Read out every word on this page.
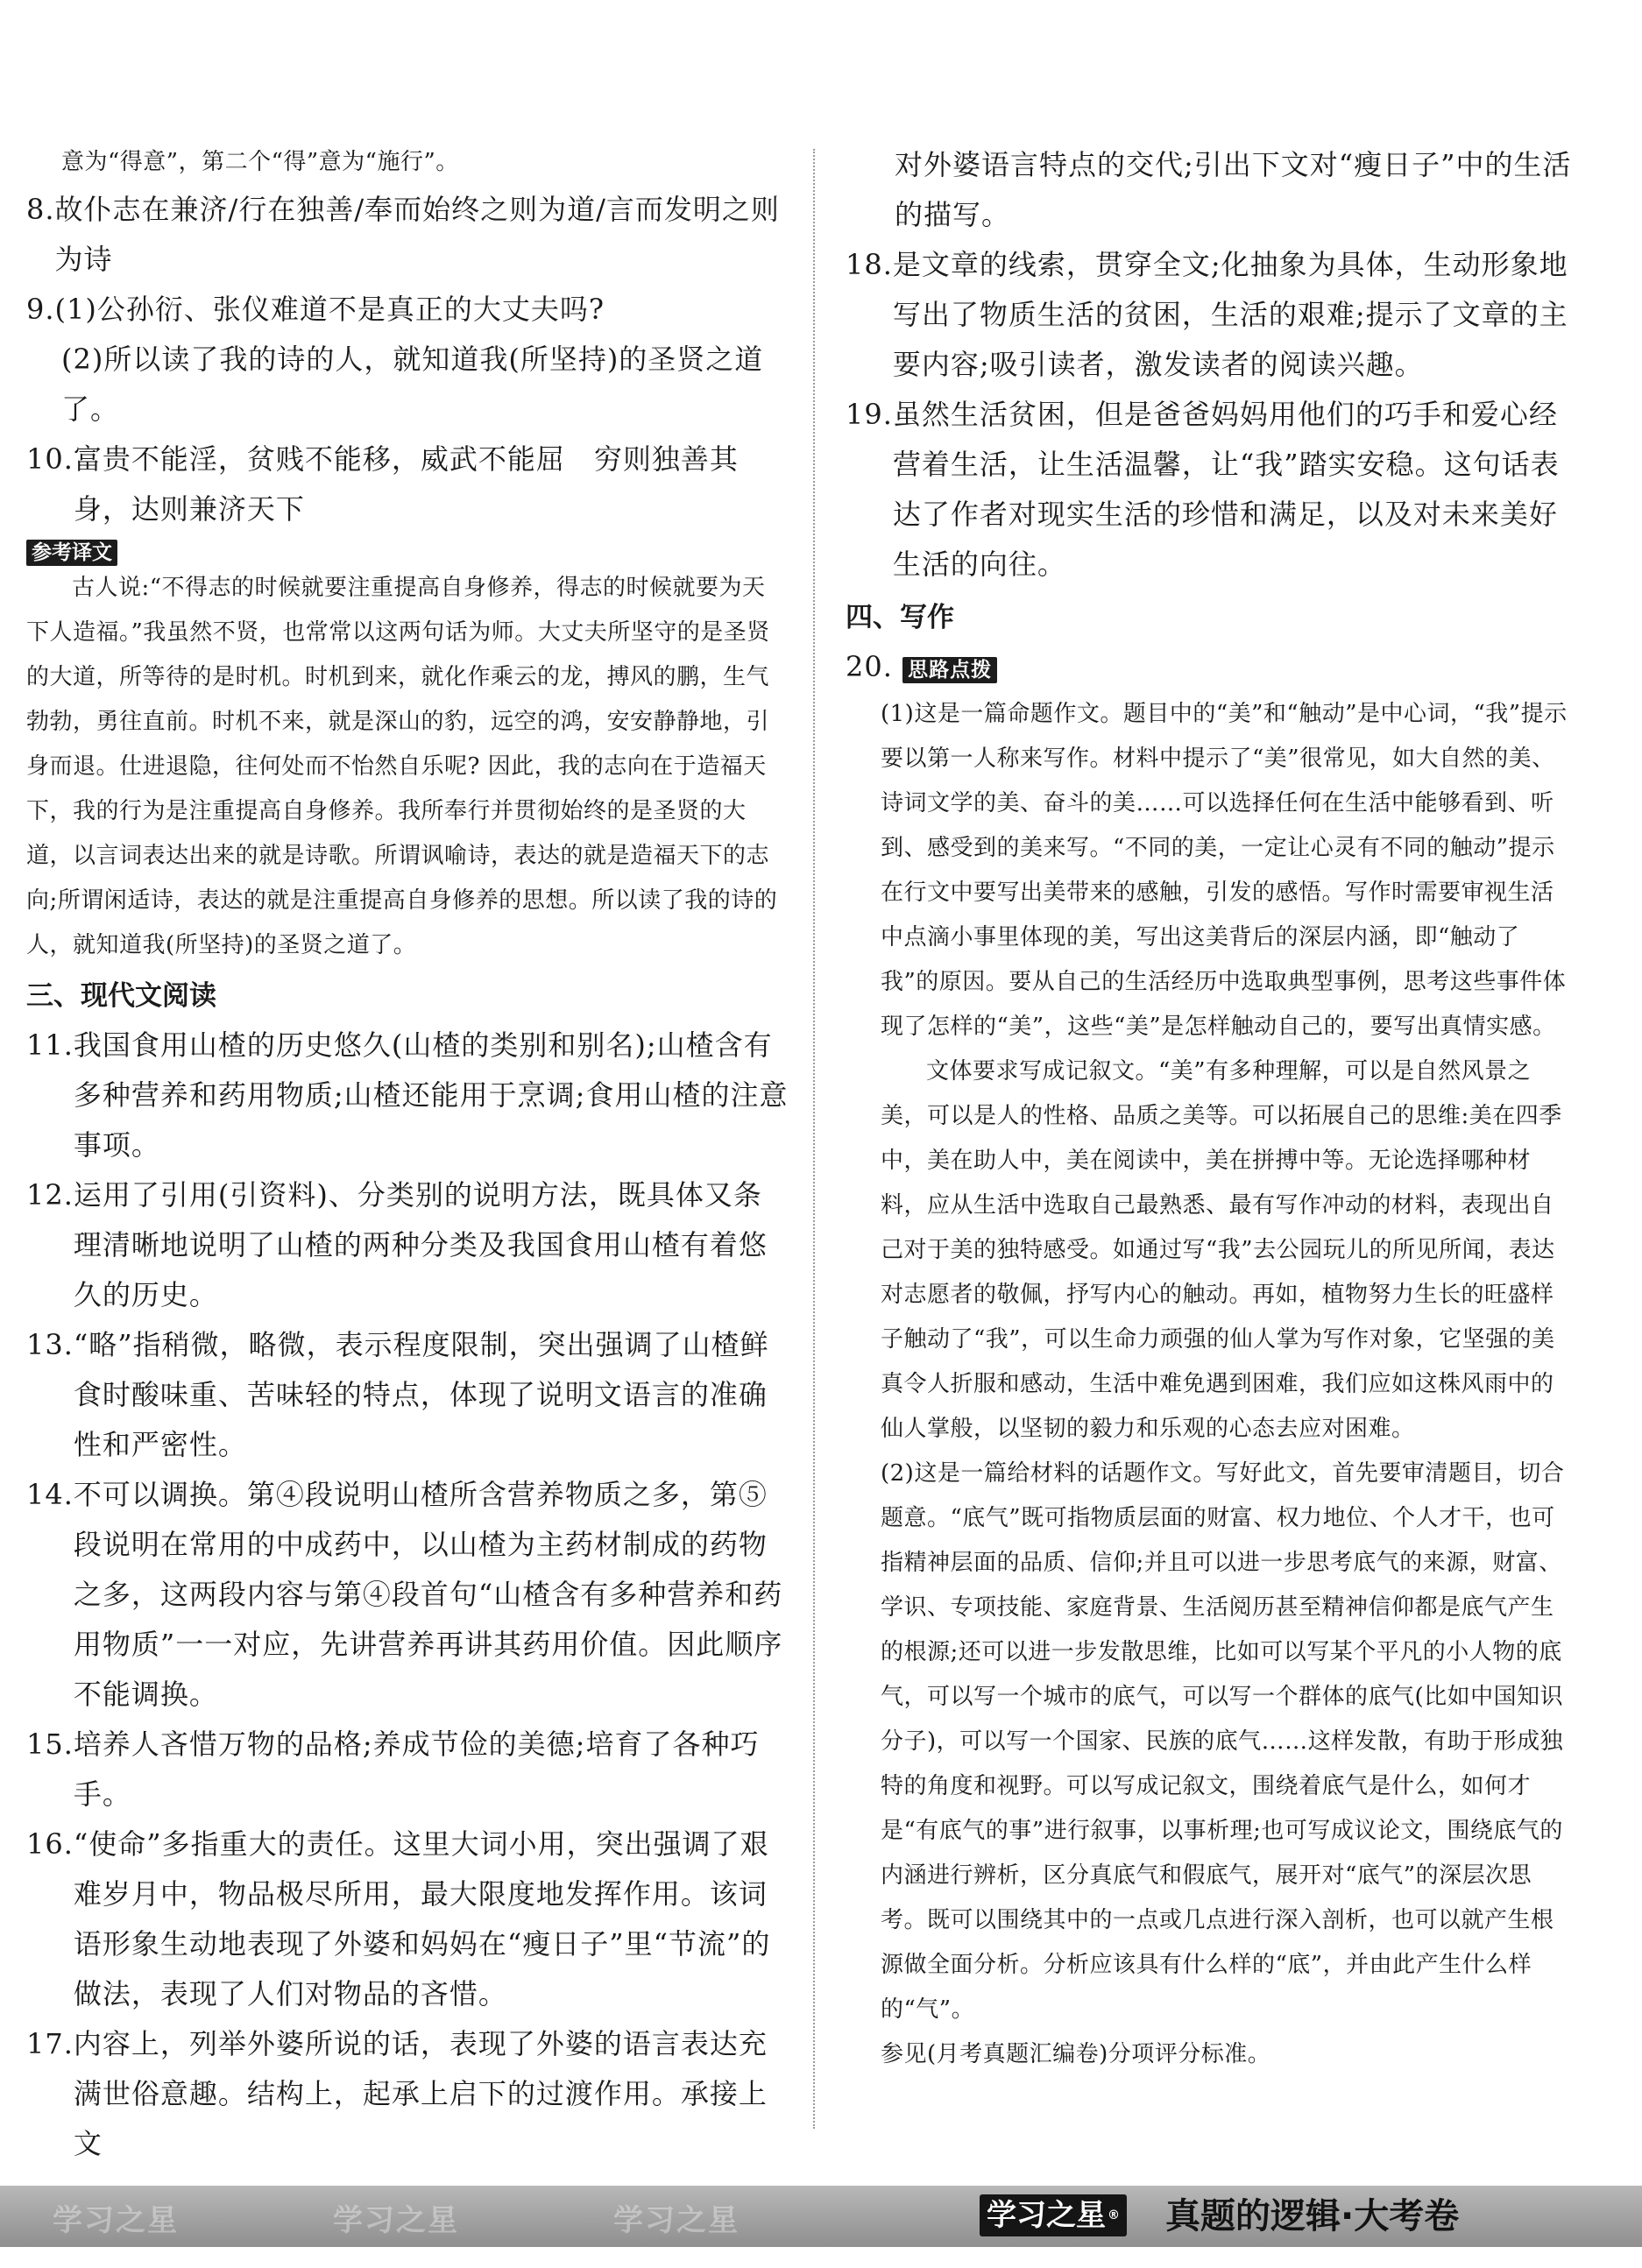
意为“得意”，第二个“得”意为“施行”。

8. 故仆志在兼济/行在独善/奉而始终之则为道/言而发明之则为诗
9. (1)公孙衍、张仪难道不是真正的大丈夫吗?
(2)所以读了我的诗的人，就知道我(所坚持)的圣贤之道了。
10. 富贵不能淫，贫贱不能移，威武不能屈　穷则独善其身，达则兼济天下
参考译文

古人说:“不得志的时候就要注重提高自身修养，得志的时候就要为天下人造福。”我虽然不贤，也常常以这两句话为师。大丈夫所坚守的是圣贤的大道，所等待的是时机。时机到来，就化作乘云的龙，搏风的鹏，生气勃勃，勇往直前。时机不来，就是深山的豹，远空的鸿，安安静静地，引身而退。仕进退隐，往何处而不怡然自乐呢? 因此，我的志向在于造福天下，我的行为是注重提高自身修养。我所奉行并贯彻始终的是圣贤的大道，以言词表达出来的就是诗歌。所谓讽喻诗，表达的就是造福天下的志向;所谓闲适诗，表达的就是注重提高自身修养的思想。所以读了我的诗的人，就知道我(所坚持)的圣贤之道了。

三、现代文阅读
11. 我国食用山楂的历史悠久(山楂的类别和别名);山楂含有多种营养和药用物质;山楂还能用于烹调;食用山楂的注意事项。
12. 运用了引用(引资料)、分类别的说明方法，既具体又条理清晰地说明了山楂的两种分类及我国食用山楂有着悠久的历史。
13. “略”指稍微，略微，表示程度限制，突出强调了山楂鲜食时酸味重、苦味轻的特点，体现了说明文语言的准确性和严密性。
14. 不可以调换。第④段说明山楂所含营养物质之多，第⑤段说明在常用的中成药中，以山楂为主药材制成的药物之多，这两段内容与第④段首句“山楂含有多种营养和药用物质”一一对应，先讲营养再讲其药用价值。因此顺序不能调换。
15. 培养人吝惜万物的品格;养成节俭的美德;培育了各种巧手。
16. “使命”多指重大的责任。这里大词小用，突出强调了艰难岁月中，物品极尽所用，最大限度地发挥作用。该词语形象生动地表现了外婆和妈妈在“瘦日子”里“节流”的做法，表现了人们对物品的吝惜。
17. 内容上，列举外婆所说的话，表现了外婆的语言表达充满世俗意趣。结构上，起承上启下的过渡作用。承接上文
对外婆语言特点的交代;引出下文对“瘦日子”中的生活的描写。
18. 是文章的线索，贯穿全文;化抽象为具体，生动形象地写出了物质生活的贫困，生活的艰难;提示了文章的主要内容;吸引读者，激发读者的阅读兴趣。
19. 虽然生活贫困，但是爸爸妈妈用他们的巧手和爱心经营着生活，让生活温馨，让“我”踏实安稳。这句话表达了作者对现实生活的珍惜和满足，以及对未来美好生活的向往。
四、写作
20. 思路点拨

(1)这是一篇命题作文。题目中的“美”和“触动”是中心词，“我”提示要以第一人称来写作。材料中提示了“美”很常见，如大自然的美、诗词文学的美、奋斗的美……可以选择任何在生活中能够看到、听到、感受到的美来写。“不同的美，一定让心灵有不同的触动”提示在行文中要写出美带来的感触，引发的感悟。写作时需要审视生活中点滴小事里体现的美，写出这美背后的深层内涵，即“触动了我”的原因。要从自己的生活经历中选取典型事例，思考这些事件体现了怎样的“美”，这些“美”是怎样触动自己的，要写出真情实感。

文体要求写成记叙文。“美”有多种理解，可以是自然风景之美，可以是人的性格、品质之美等。可以拓展自己的思维:美在四季中，美在助人中，美在阅读中，美在拼搏中等。无论选择哪种材料，应从生活中选取自己最熟悉、最有写作冲动的材料，表现出自己对于美的独特感受。如通过写“我”去公园玩儿的所见所闻，表达对志愿者的敬佩，抒写内心的触动。再如，植物努力生长的旺盛样子触动了“我”，可以生命力顽强的仙人掌为写作对象，它坚强的美真令人折服和感动，生活中难免遇到困难，我们应如这株风雨中的仙人掌般，以坚韧的毅力和乐观的心态去应对困难。

(2)这是一篇给材料的话题作文。写好此文，首先要审清题目，切合题意。“底气”既可指物质层面的财富、权力地位、个人才干，也可指精神层面的品质、信仰;并且可以进一步思考底气的来源，财富、学识、专项技能、家庭背景、生活阅历甚至精神信仰都是底气产生的根源;还可以进一步发散思维，比如可以写某个平凡的小人物的底气，可以写一个城市的底气，可以写一个群体的底气(比如中国知识分子)，可以写一个国家、民族的底气……这样发散，有助于形成独特的角度和视野。可以写成记叙文，围绕着底气是什么，如何才是“有底气的事”进行叙事，以事析理;也可写成议论文，围绕底气的内涵进行辨析，区分真底气和假底气，展开对“底气”的深层次思考。既可以围绕其中的一点或几点进行深入剖析，也可以就产生根源做全面分析。分析应该具有什么样的“底”，并由此产生什么样的“气”。

参见(月考真题汇编卷)分项评分标准。

学习之星	学习之星	学习之星	学习之星 ® 真题的逻辑·大考卷
